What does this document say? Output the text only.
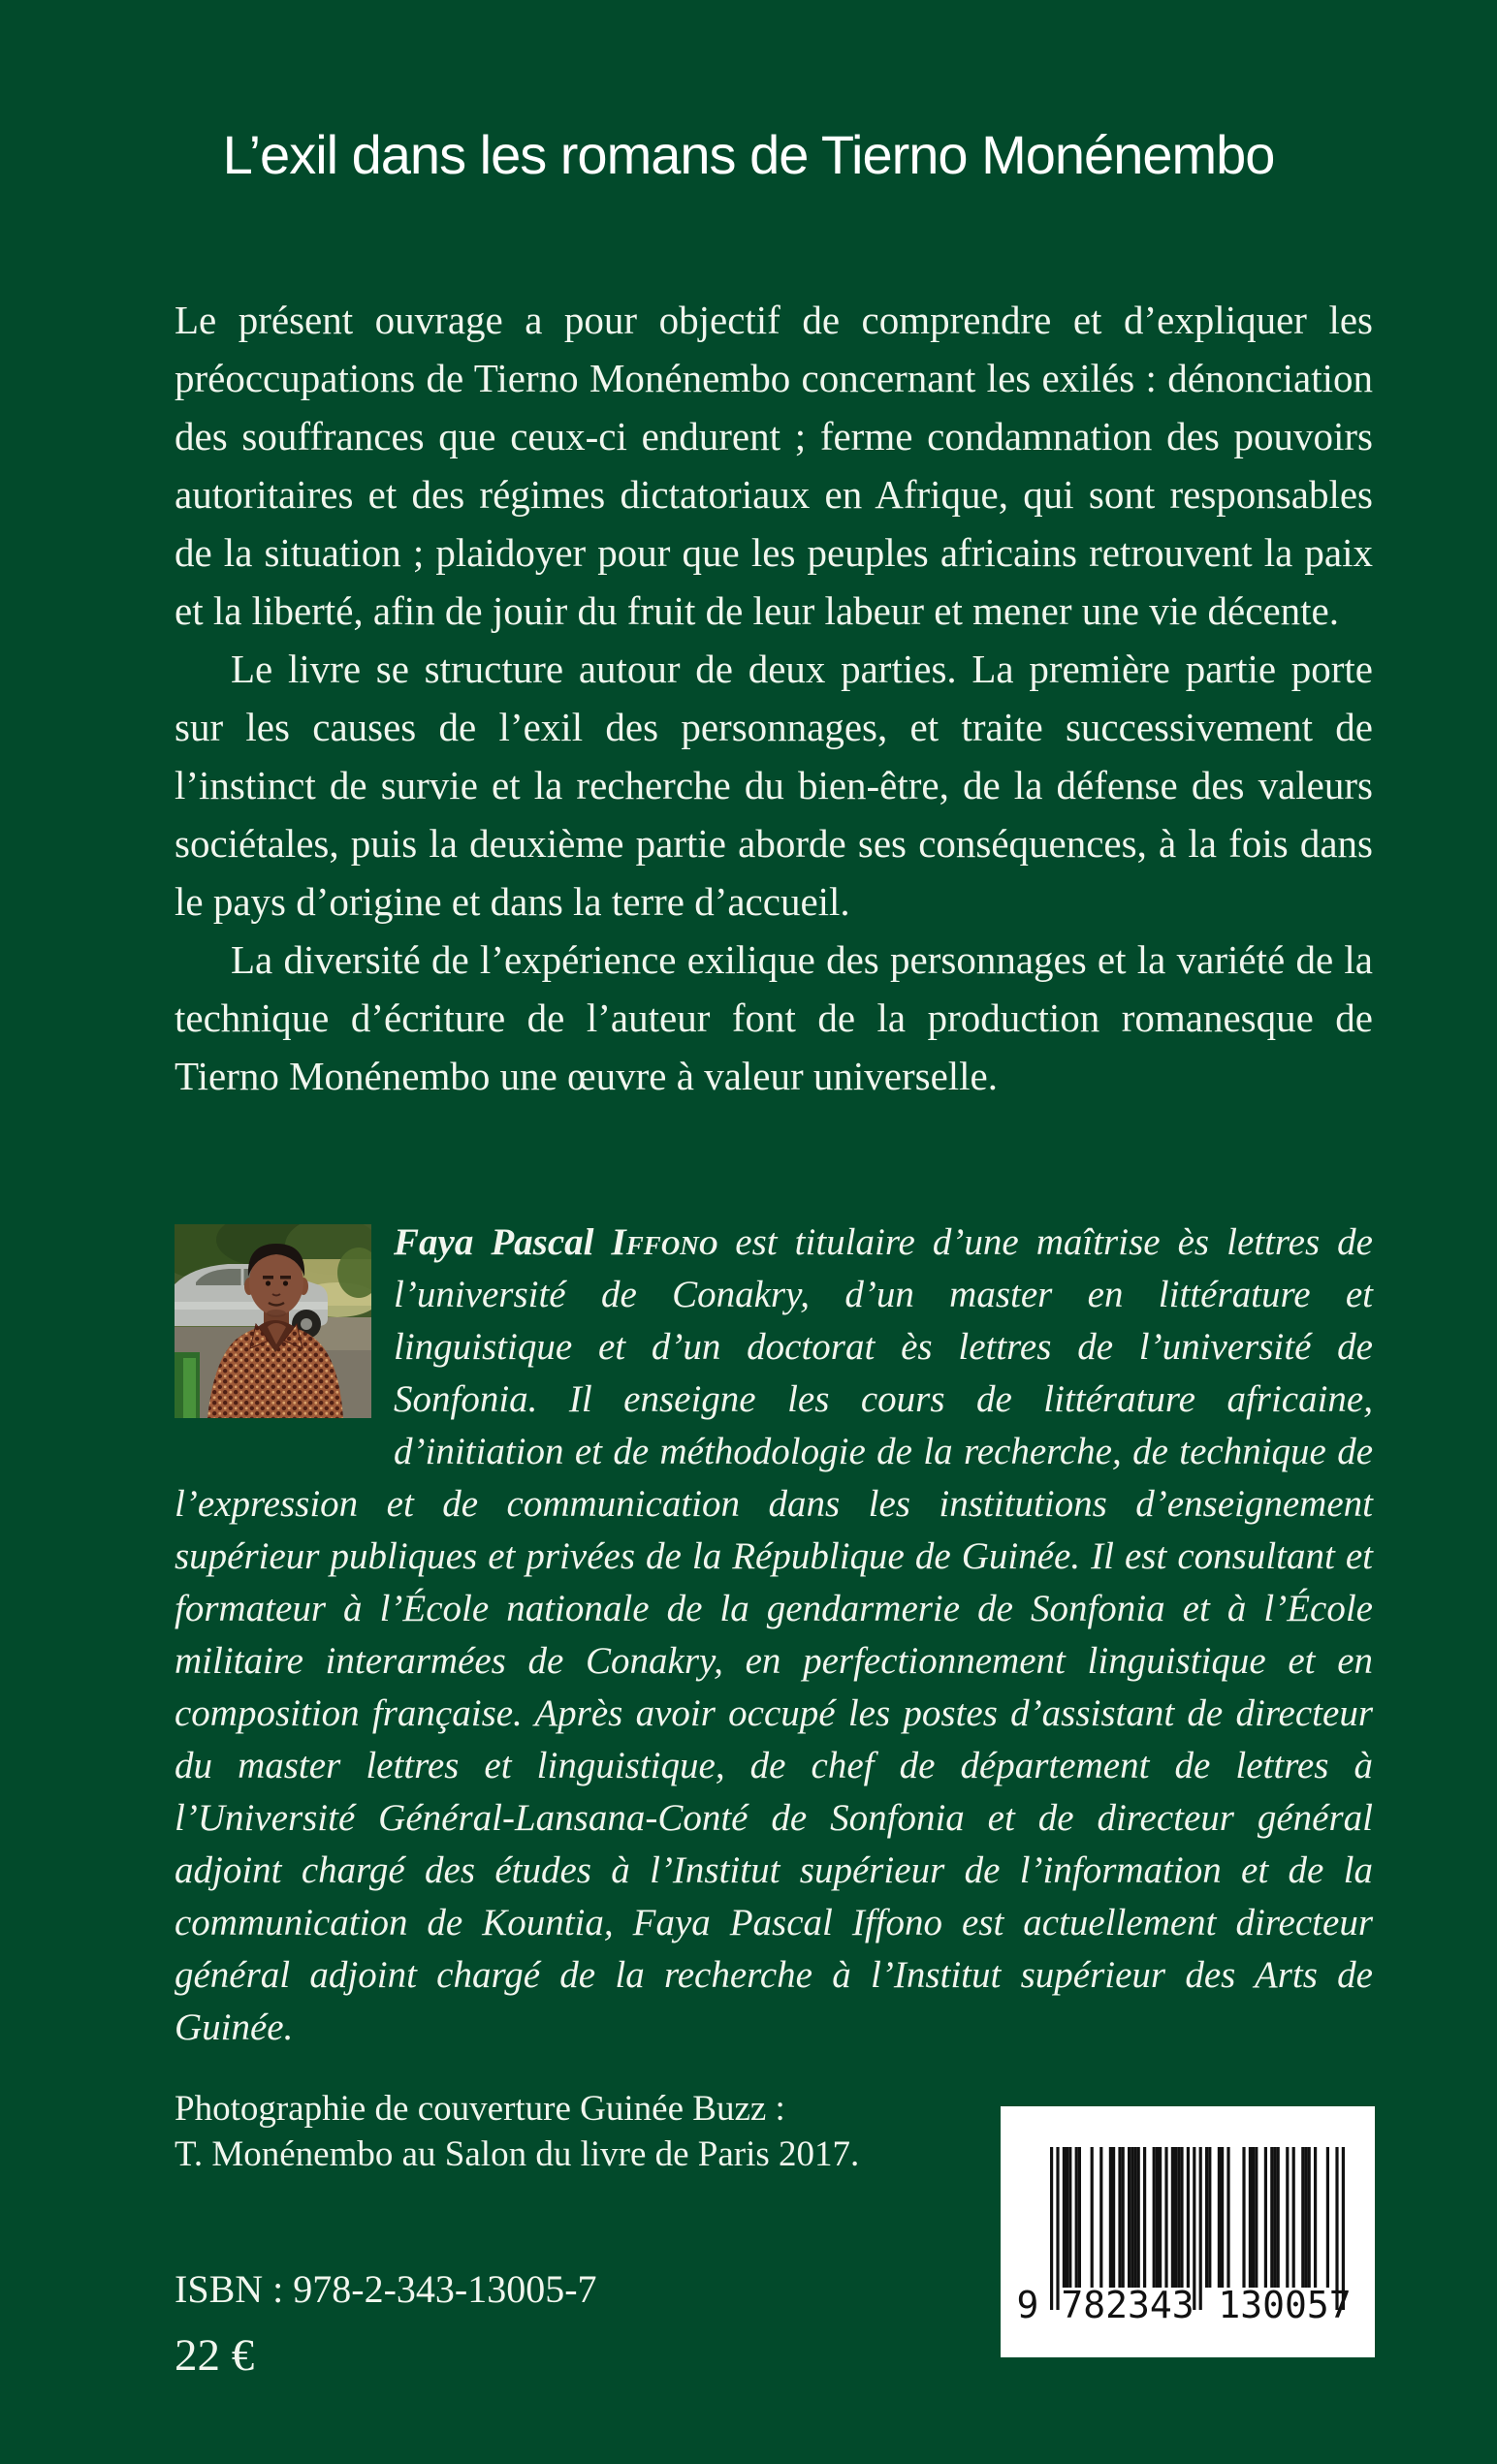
L’exil dans les romans de Tierno Monénembo

Le présent ouvrage a pour objectif de comprendre et d’expliquer les préoccupations de Tierno Monénembo concernant les exilés : dénonciation des souffrances que ceux-ci endurent ; ferme condamnation des pouvoirs autoritaires et des régimes dictatoriaux en Afrique, qui sont responsables de la situation ; plaidoyer pour que les peuples africains retrouvent la paix et la liberté, afin de jouir du fruit de leur labeur et mener une vie décente.

Le livre se structure autour de deux parties. La première partie porte sur les causes de l’exil des personnages, et traite successivement de l’instinct de survie et la recherche du bien-être, de la défense des valeurs sociétales, puis la deuxième partie aborde ses conséquences, à la fois dans le pays d’origine et dans la terre d’accueil.

La diversité de l’expérience exilique des personnages et la variété de la technique d’écriture de l’auteur font de la production romanesque de Tierno Monénembo une œuvre à valeur universelle.

Faya Pascal Iffono est titulaire d’une maîtrise ès lettres de l’université de Conakry, d’un master en littérature et linguistique et d’un doctorat ès lettres de l’université de Sonfonia. Il enseigne les cours de littérature africaine, d’initiation et de méthodologie de la recherche, de technique de l’expression et de communication dans les institutions d’enseignement supérieur publiques et privées de la République de Guinée. Il est consultant et formateur à l’École nationale de la gendarmerie de Sonfonia et à l’École militaire interarmées de Conakry, en perfectionnement linguistique et en composition française. Après avoir occupé les postes d’assistant de directeur du master lettres et linguistique, de chef de département de lettres à l’Université Général-Lansana-Conté de Sonfonia et de directeur général adjoint chargé des études à l’Institut supérieur de l’information et de la communication de Kountia, Faya Pascal Iffono est actuellement directeur général adjoint chargé de la recherche à l’Institut supérieur des Arts de Guinée.

Photographie de couverture Guinée Buzz :
T. Monénembo au Salon du livre de Paris 2017.
ISBN : 978-2-343-13005-7
22 €
9 782343 130057
